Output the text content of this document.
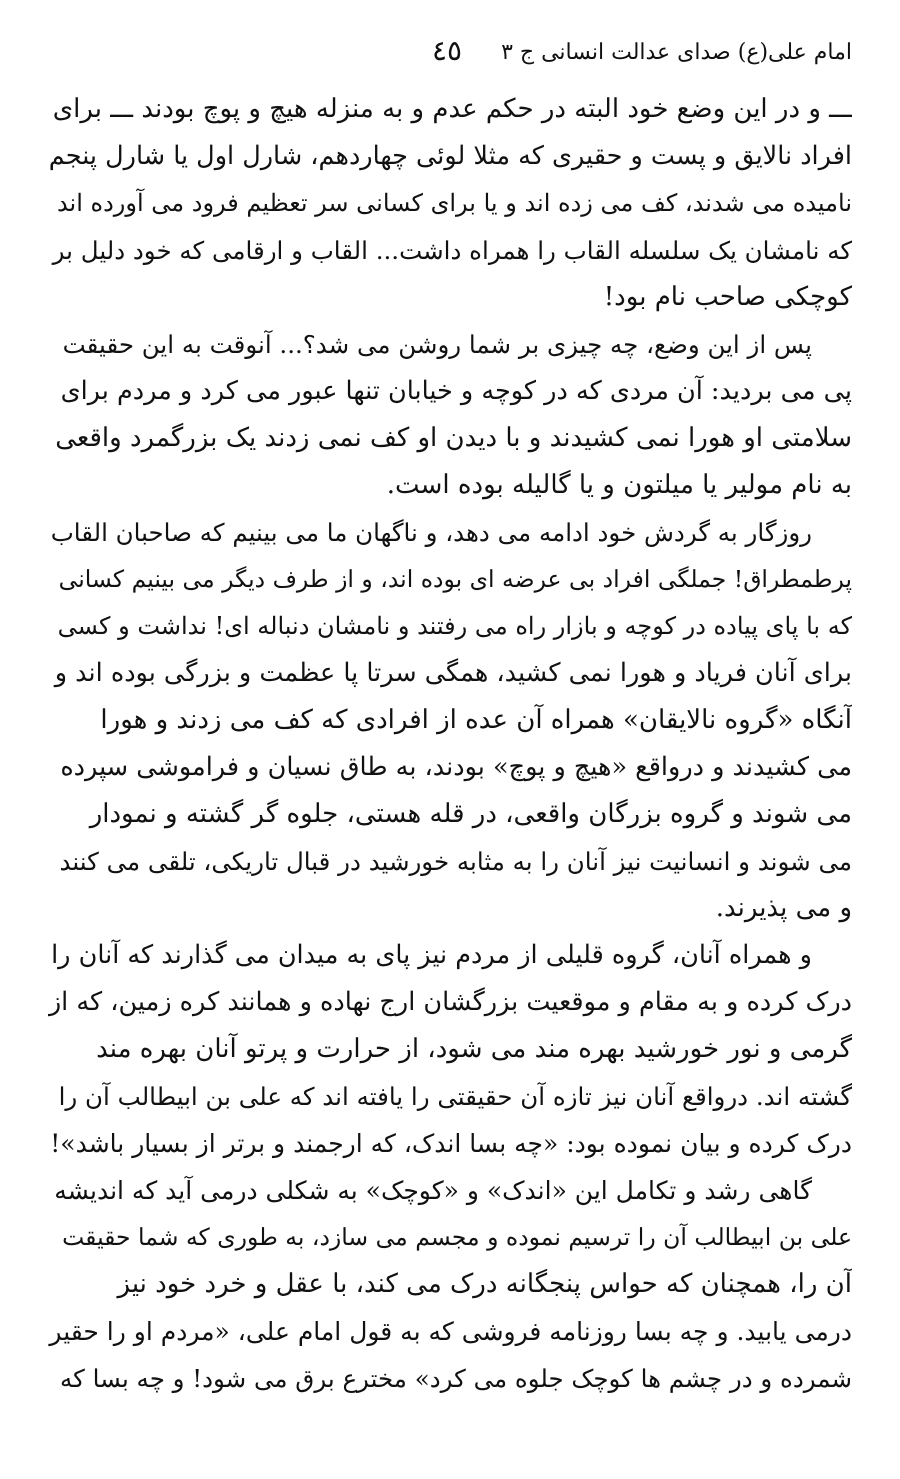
امام علی(ع) صدای عدالت انسانی ج ۳
٤٥
ـــ و در این وضع خود البته در حکم عدم و به منزله هیچ و پوچ بودند ـــ برای
افراد نالایق و پست و حقیری که مثلا لوئی چهاردهم، شارل اول یا شارل پنجم
نامیده می شدند، کف می زده اند و یا برای کسانی سر تعظیم فرود می آورده اند
که نامشان یک سلسله القاب را همراه داشت... القاب و ارقامی که خود دلیل بر
کوچکی صاحب نام بود!
پس از این وضع، چه چیزی بر شما روشن می شد؟... آنوقت به این حقیقت
پی می بردید: آن مردی که در کوچه و خیابان تنها عبور می کرد و مردم برای
سلامتی او هورا نمی کشیدند و با دیدن او کف نمی زدند یک بزرگمرد واقعی
به نام مولیر یا میلتون و یا گالیله بوده است.
روزگار به گردش خود ادامه می دهد، و ناگهان ما می بینیم که صاحبان القاب
پرطمطراق! جملگی افراد بی عرضه ای بوده اند، و از طرف دیگر می بینیم کسانی
که با پای پیاده در کوچه و بازار راه می رفتند و نامشان دنباله ای! نداشت و کسی
برای آنان فریاد و هورا نمی کشید، همگی سرتا پا عظمت و بزرگی بوده اند و
آنگاه «گروه نالایقان» همراه آن عده از افرادی که کف می زدند و هورا
می کشیدند و درواقع «هیچ و پوچ» بودند، به طاق نسیان و فراموشی سپرده
می شوند و گروه بزرگان واقعی، در قله هستی، جلوه گر گشته و نمودار
می شوند و انسانیت نیز آنان را به مثابه خورشید در قبال تاریکی، تلقی می کنند
و می پذیرند.
و همراه آنان، گروه قلیلی از مردم نیز پای به میدان می گذارند که آنان را
درک کرده و به مقام و موقعیت بزرگشان ارج نهاده و همانند کره زمین، که از
گرمی و نور خورشید بهره مند می شود، از حرارت و پرتو آنان بهره مند
گشته اند. درواقع آنان نیز تازه آن حقیقتی را یافته اند که علی بن ابیطالب آن را
درک کرده و بیان نموده بود: «چه بسا اندک، که ارجمند و برتر از بسیار باشد»!
گاهی رشد و تکامل این «اندک» و «کوچک» به شکلی درمی آید که اندیشه
علی بن ابیطالب آن را ترسیم نموده و مجسم می سازد، به طوری که شما حقیقت
آن را، همچنان که حواس پنجگانه درک می کند، با عقل و خرد خود نیز
درمی یابید. و چه بسا روزنامه فروشی که به قول امام علی، «مردم او را حقیر
شمرده و در چشم ها کوچک جلوه می کرد» مخترع برق می شود! و چه بسا که
